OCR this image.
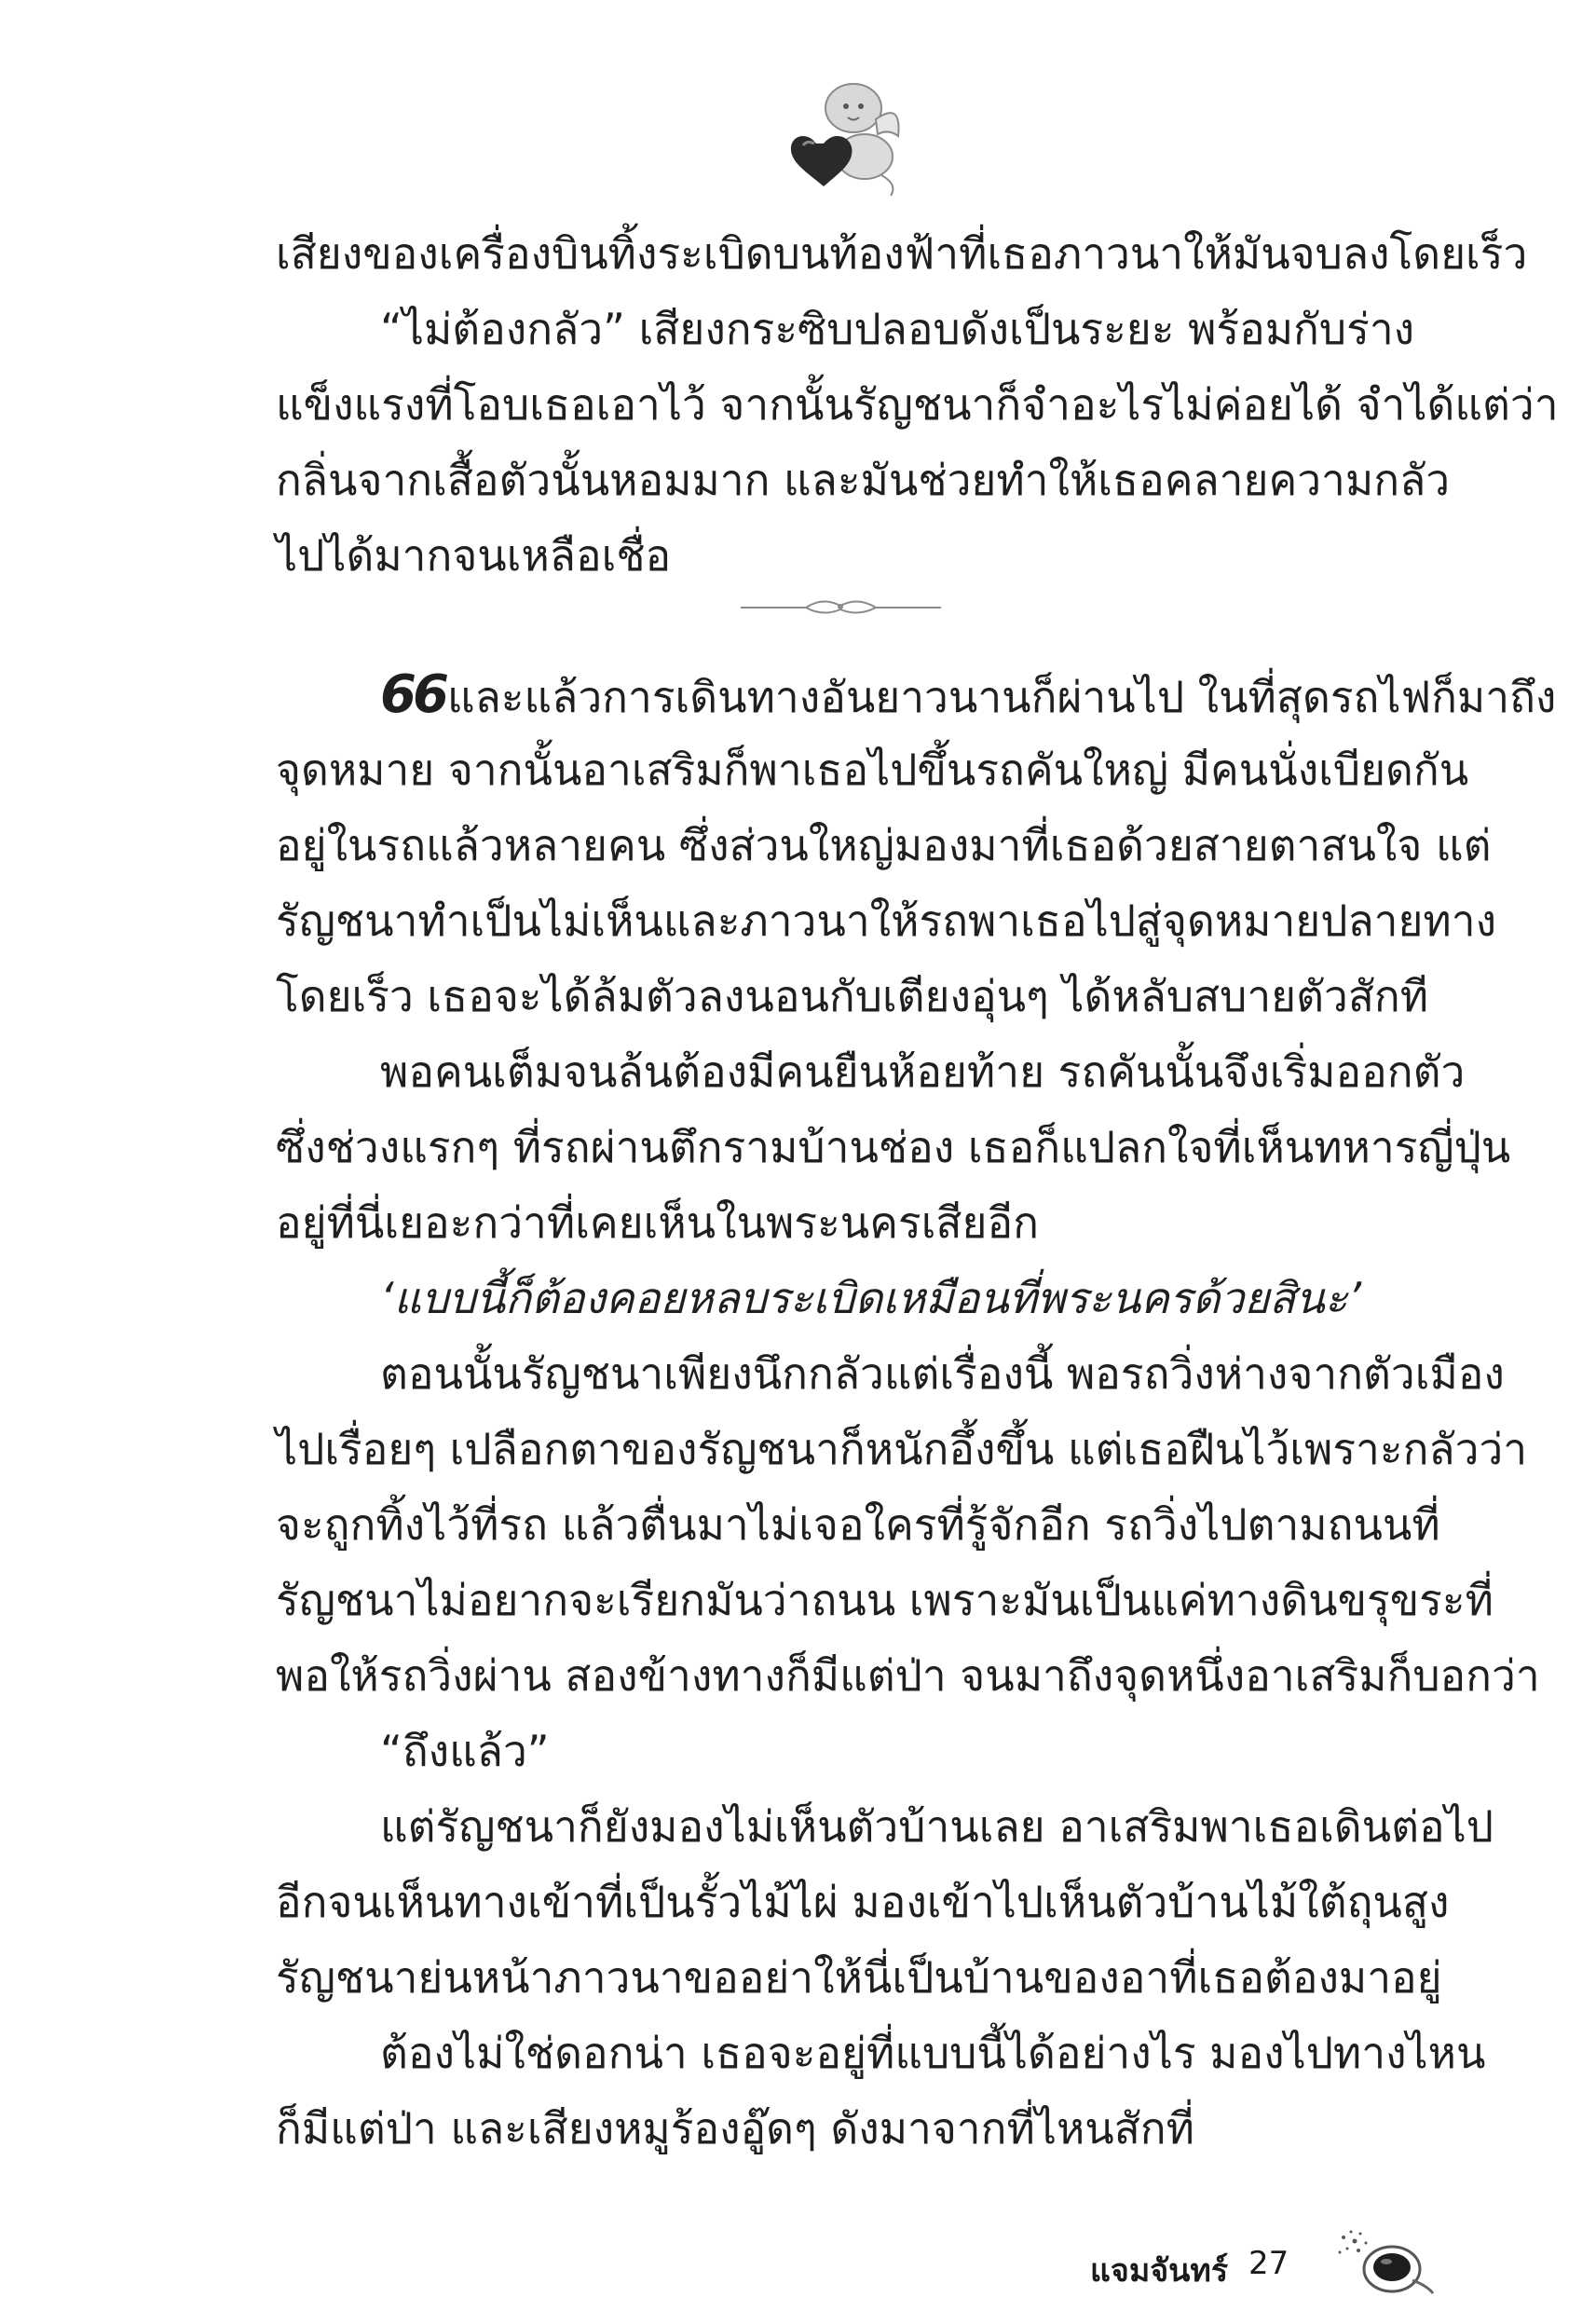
เสียงของเครื่องบินทิ้งระเบิดบนท้องฟ้าที่เธอภาวนาให้มันจบลงโดยเร็ว
“ไม่ต้องกลัว” เสียงกระซิบปลอบดังเป็นระยะ พร้อมกับร่าง
แข็งแรงที่โอบเธอเอาไว้ จากนั้นรัญชนาก็จำอะไรไม่ค่อยได้ จำได้แต่ว่า
กลิ่นจากเสื้อตัวนั้นหอมมาก และมันช่วยทำให้เธอคลายความกลัว
ไปได้มากจนเหลือเชื่อ
66และแล้วการเดินทางอันยาวนานก็ผ่านไป ในที่สุดรถไฟก็มาถึง
จุดหมาย จากนั้นอาเสริมก็พาเธอไปขึ้นรถคันใหญ่ มีคนนั่งเบียดกัน
อยู่ในรถแล้วหลายคน ซึ่งส่วนใหญ่มองมาที่เธอด้วยสายตาสนใจ แต่
รัญชนาทำเป็นไม่เห็นและภาวนาให้รถพาเธอไปสู่จุดหมายปลายทาง
โดยเร็ว เธอจะได้ล้มตัวลงนอนกับเตียงอุ่นๆ ได้หลับสบายตัวสักที
พอคนเต็มจนล้นต้องมีคนยืนห้อยท้าย รถคันนั้นจึงเริ่มออกตัว
ซึ่งช่วงแรกๆ ที่รถผ่านตึกรามบ้านช่อง เธอก็แปลกใจที่เห็นทหารญี่ปุ่น
อยู่ที่นี่เยอะกว่าที่เคยเห็นในพระนครเสียอีก
‘แบบนี้ก็ต้องคอยหลบระเบิดเหมือนที่พระนครด้วยสินะ’
ตอนนั้นรัญชนาเพียงนึกกลัวแต่เรื่องนี้ พอรถวิ่งห่างจากตัวเมือง
ไปเรื่อยๆ เปลือกตาของรัญชนาก็หนักอึ้งขึ้น แต่เธอฝืนไว้เพราะกลัวว่า
จะถูกทิ้งไว้ที่รถ แล้วตื่นมาไม่เจอใครที่รู้จักอีก รถวิ่งไปตามถนนที่
รัญชนาไม่อยากจะเรียกมันว่าถนน เพราะมันเป็นแค่ทางดินขรุขระที่
พอให้รถวิ่งผ่าน สองข้างทางก็มีแต่ป่า จนมาถึงจุดหนึ่งอาเสริมก็บอกว่า
“ถึงแล้ว”
แต่รัญชนาก็ยังมองไม่เห็นตัวบ้านเลย อาเสริมพาเธอเดินต่อไป
อีกจนเห็นทางเข้าที่เป็นรั้วไม้ไผ่ มองเข้าไปเห็นตัวบ้านไม้ใต้ถุนสูง
รัญชนาย่นหน้าภาวนาขออย่าให้นี่เป็นบ้านของอาที่เธอต้องมาอยู่
ต้องไม่ใช่ดอกน่า เธอจะอยู่ที่แบบนี้ได้อย่างไร มองไปทางไหน
ก็มีแต่ป่า และเสียงหมูร้องอู๊ดๆ ดังมาจากที่ไหนสักที่
แจมจันทร์ 27
